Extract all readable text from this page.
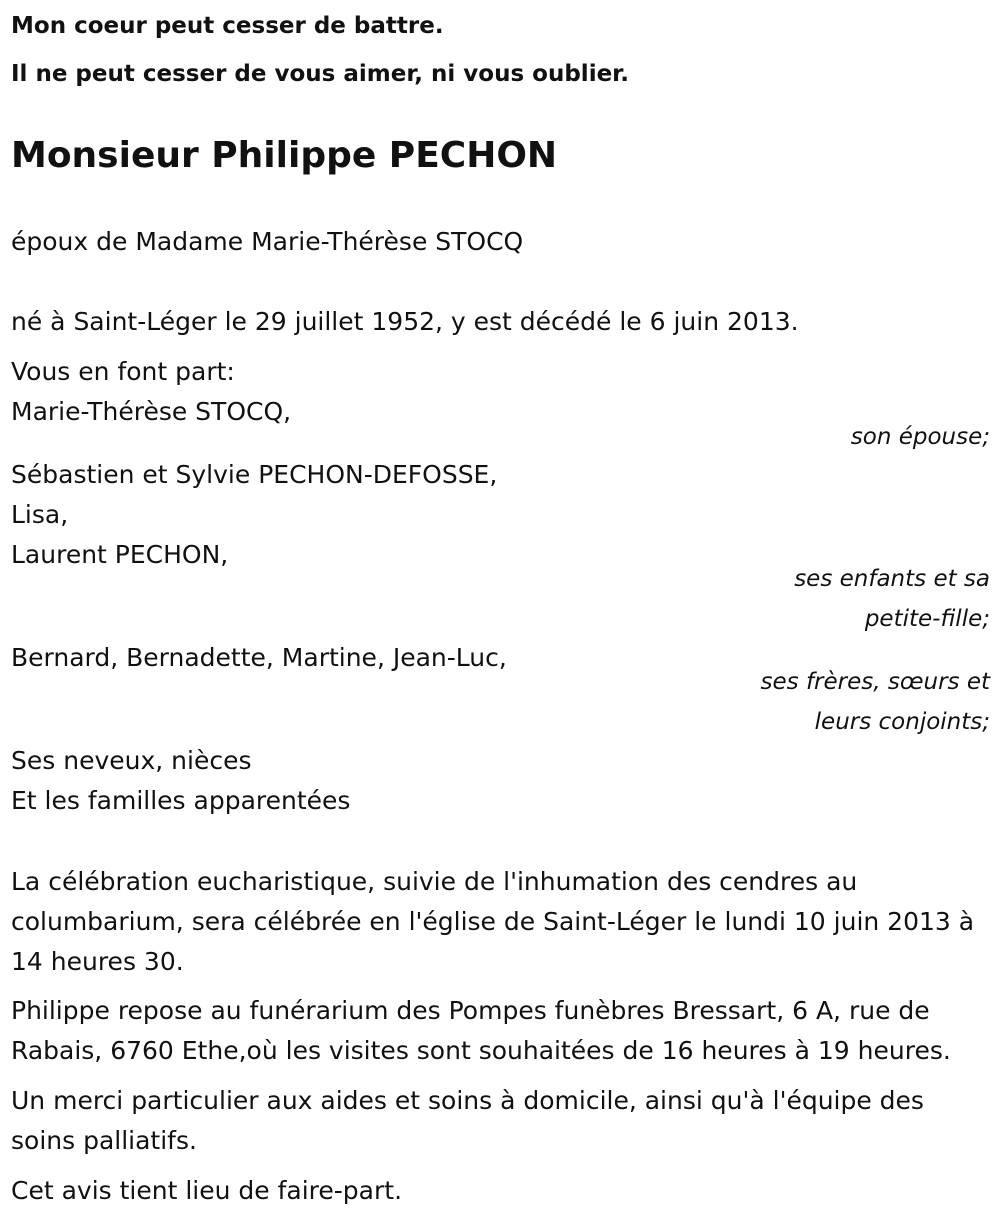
Mon coeur peut cesser de battre.

Il ne peut cesser de vous aimer, ni vous oublier.

Monsieur Philippe PECHON

époux de Madame Marie-Thérèse STOCQ

né à Saint-Léger le 29 juillet 1952, y est décédé le 6 juin 2013.

Vous en font part:

Marie-Thérèse STOCQ,

son épouse;

Sébastien et Sylvie PECHON-DEFOSSE,

Lisa,

Laurent PECHON,

ses enfants et sa
petite-fille;

Bernard, Bernadette, Martine, Jean-Luc,

ses frères, sœurs et
leurs conjoints;

Ses neveux, nièces

Et les familles apparentées

La célébration eucharistique, suivie de l'inhumation des cendres au columbarium, sera célébrée en l'église de Saint-Léger le lundi 10 juin 2013 à 14 heures 30.

Philippe repose au funérarium des Pompes funèbres Bressart, 6 A, rue de Rabais, 6760 Ethe,où les visites sont souhaitées de 16 heures à 19 heures.

Un merci particulier aux aides et soins à domicile, ainsi qu'à l'équipe des soins palliatifs.

Cet avis tient lieu de faire-part.
